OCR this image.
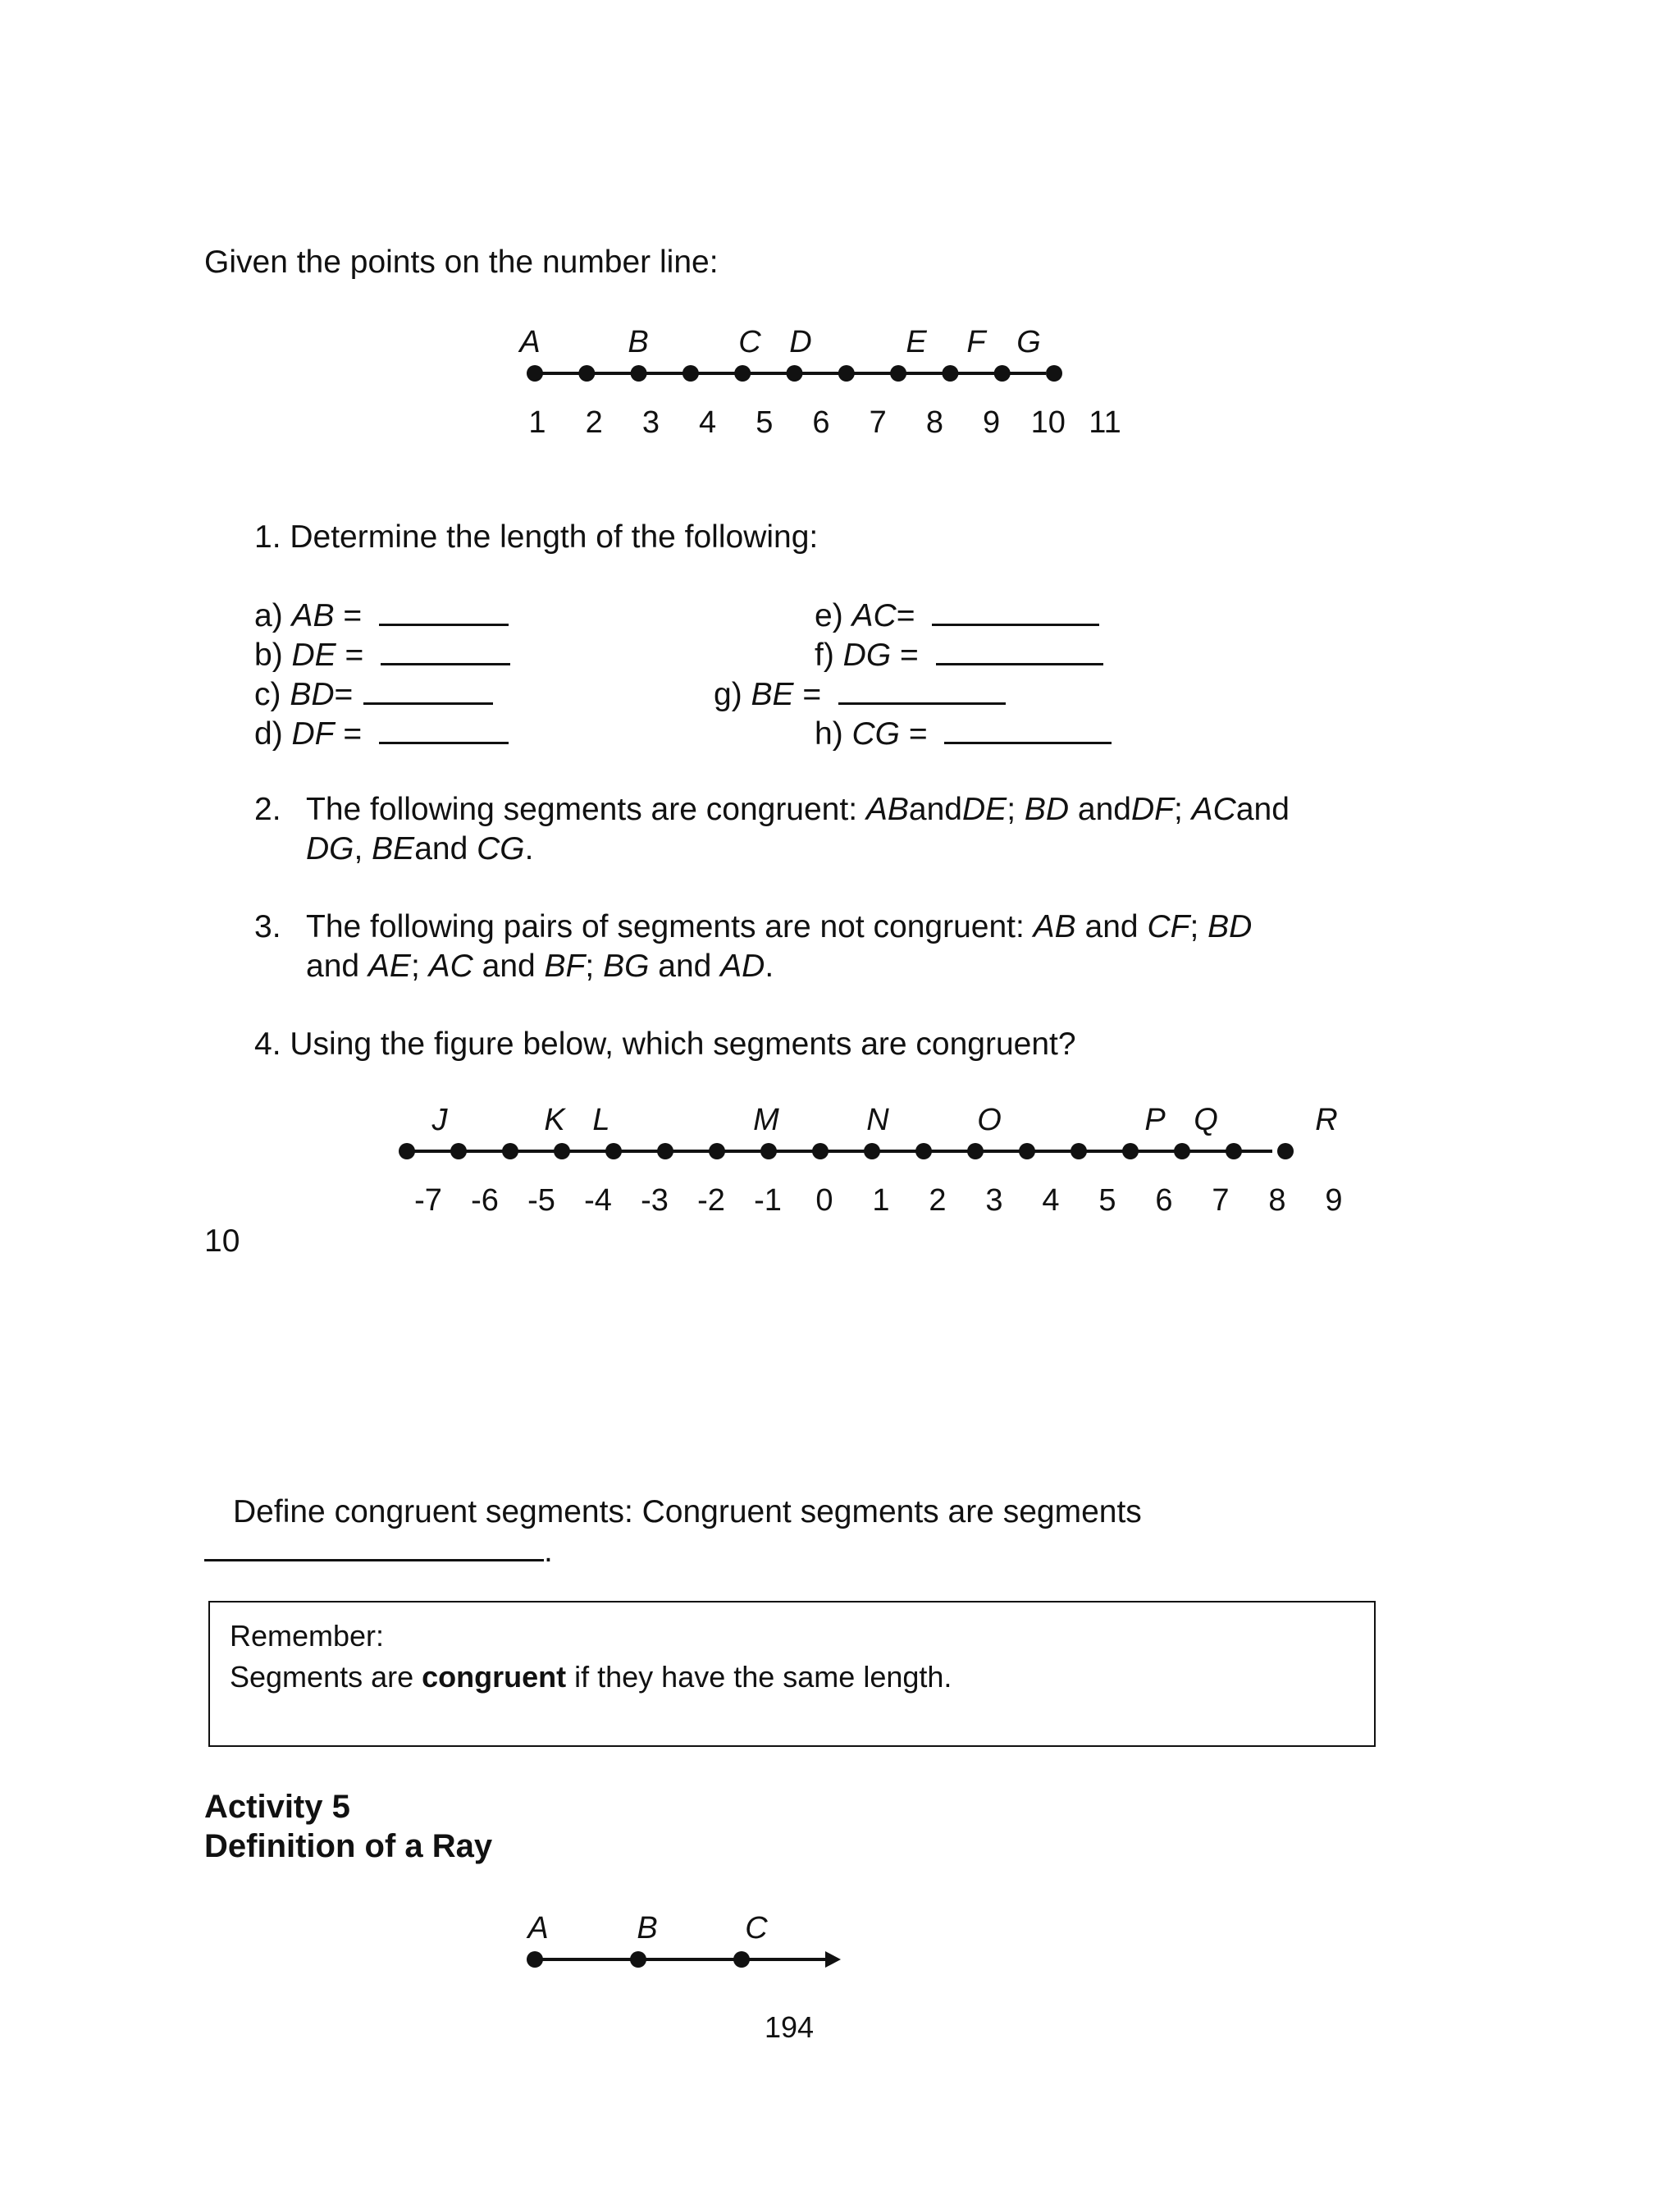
Given the points on the number line:
A	B	C D	E F G
1 2 3 4 5 6 7 8 9 10 11
1. Determine the length of the following:
a) AB =
b) DE =
c) BD=
d) DF =
e) AC=
f) DG =
g) BE =
h) CG =
2. The following segments are congruent: ABandDE; BD andDF; ACand
DG, BEand CG.
3. The following pairs of segments are not congruent: AB and CF; BD
and AE; AC and BF; BG and AD.
4. Using the figure below, which segments are congruent?
J	K L	M	N	O	P Q	R
-7 -6 -5 -4 -3 -2 -1 0 1 2 3 4 5 6 7 8 9
10
Define congruent segments: Congruent segments are segments
.
Remember:
Segments are congruent if they have the same length.
Activity 5
Definition of a Ray
A	B	C
194
